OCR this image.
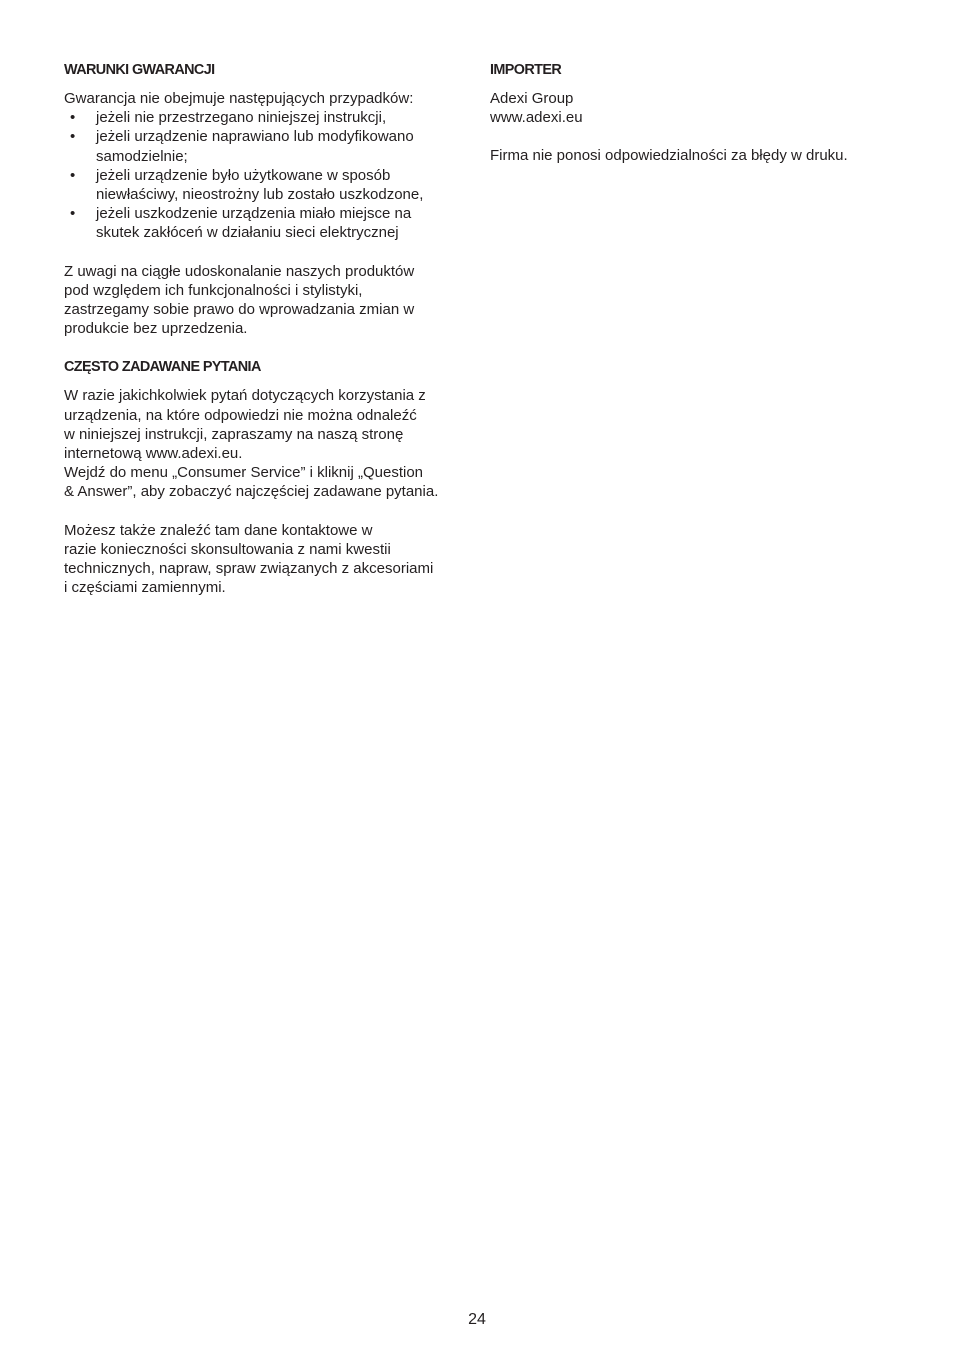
WARUNKI GWARANCJI

Gwarancja nie obejmuje następujących przypadków:

• jeżeli nie przestrzegano niniejszej instrukcji,
• jeżeli urządzenie naprawiano lub modyfikowano
samodzielnie;
• jeżeli urządzenie było użytkowane w sposób
niewłaściwy, nieostrożny lub zostało uszkodzone,
• jeżeli uszkodzenie urządzenia miało miejsce na
skutek zakłóceń w działaniu sieci elektrycznej

Z uwagi na ciągłe udoskonalanie naszych produktów
pod względem ich funkcjonalności i stylistyki,
zastrzegamy sobie prawo do wprowadzania zmian w
produkcie bez uprzedzenia.

CZĘSTO ZADAWANE PYTANIA

W razie jakichkolwiek pytań dotyczących korzystania z
urządzenia, na które odpowiedzi nie można odnaleźć
w niniejszej instrukcji, zapraszamy na naszą stronę
internetową www.adexi.eu.
Wejdź do menu „Consumer Service” i kliknij „Question
& Answer”, aby zobaczyć najczęściej zadawane pytania.

Możesz także znaleźć tam dane kontaktowe w
razie konieczności skonsultowania z nami kwestii
technicznych, napraw, spraw związanych z akcesoriami
i częściami zamiennymi.

IMPORTER

Adexi Group

www.adexi.eu

Firma nie ponosi odpowiedzialności za błędy w druku.

24
